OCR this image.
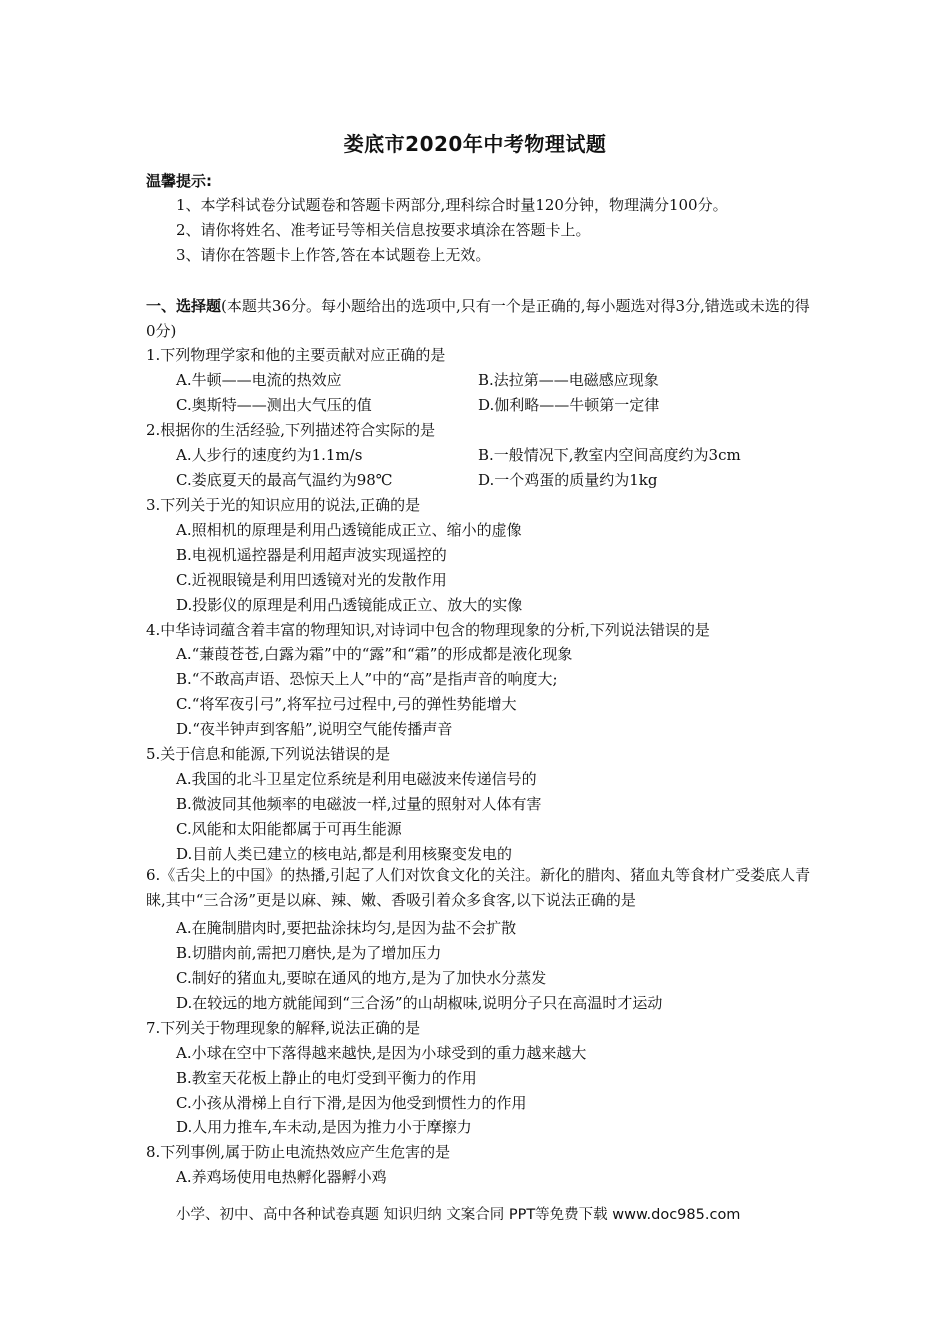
娄底市2020年中考物理试题
温馨提示:
1、本学科试卷分试题卷和答题卡两部分,理科综合时量120分钟，物理满分100分。
2、请你将姓名、准考证号等相关信息按要求填涂在答题卡上。
3、请你在答题卡上作答,答在本试题卷上无效。

一、选择题(本题共36分。每小题给出的选项中,只有一个是正确的,每小题选对得3分,错选或未选的得0分)

1.下列物理学家和他的主要贡献对应正确的是
A.牛顿——电流的热效应	B.法拉第——电磁感应现象
C.奥斯特——测出大气压的值	D.伽利略——牛顿第一定律
2.根据你的生活经验,下列描述符合实际的是
A.人步行的速度约为1.1m/s	B.一般情况下,教室内空间高度约为3cm
C.娄底夏天的最高气温约为98℃	D.一个鸡蛋的质量约为1kg
3.下列关于光的知识应用的说法,正确的是
A.照相机的原理是利用凸透镜能成正立、缩小的虚像
B.电视机遥控器是利用超声波实现遥控的
C.近视眼镜是利用凹透镜对光的发散作用
D.投影仪的原理是利用凸透镜能成正立、放大的实像
4.中华诗词蕴含着丰富的物理知识,对诗词中包含的物理现象的分析,下列说法错误的是
A.“蒹葭苍苍,白露为霜”中的“露”和“霜”的形成都是液化现象
B.“不敢高声语、恐惊天上人”中的“高”是指声音的响度大;
C.“将军夜引弓”,将军拉弓过程中,弓的弹性势能增大
D.“夜半钟声到客船”,说明空气能传播声音
5.关于信息和能源,下列说法错误的是
A.我国的北斗卫星定位系统是利用电磁波来传递信号的
B.微波同其他频率的电磁波一样,过量的照射对人体有害
C.风能和太阳能都属于可再生能源
D.目前人类已建立的核电站,都是利用核聚变发电的
6.《舌尖上的中国》的热播,引起了人们对饮食文化的关注。新化的腊肉、猪血丸等食材广受娄底人青睐,其中“三合汤”更是以麻、辣、嫩、香吸引着众多食客,以下说法正确的是
A.在腌制腊肉时,要把盐涂抹均匀,是因为盐不会扩散
B.切腊肉前,需把刀磨快,是为了增加压力
C.制好的猪血丸,要晾在通风的地方,是为了加快水分蒸发
D.在较远的地方就能闻到“三合汤”的山胡椒味,说明分子只在高温时才运动
7.下列关于物理现象的解释,说法正确的是
A.小球在空中下落得越来越快,是因为小球受到的重力越来越大
B.教室天花板上静止的电灯受到平衡力的作用
C.小孩从滑梯上自行下滑,是因为他受到惯性力的作用
D.人用力推车,车未动,是因为推力小于摩擦力
8.下列事例,属于防止电流热效应产生危害的是
A.养鸡场使用电热孵化器孵小鸡
小学、初中、高中各种试卷真题 知识归纳 文案合同 PPT等免费下载 www.doc985.com
